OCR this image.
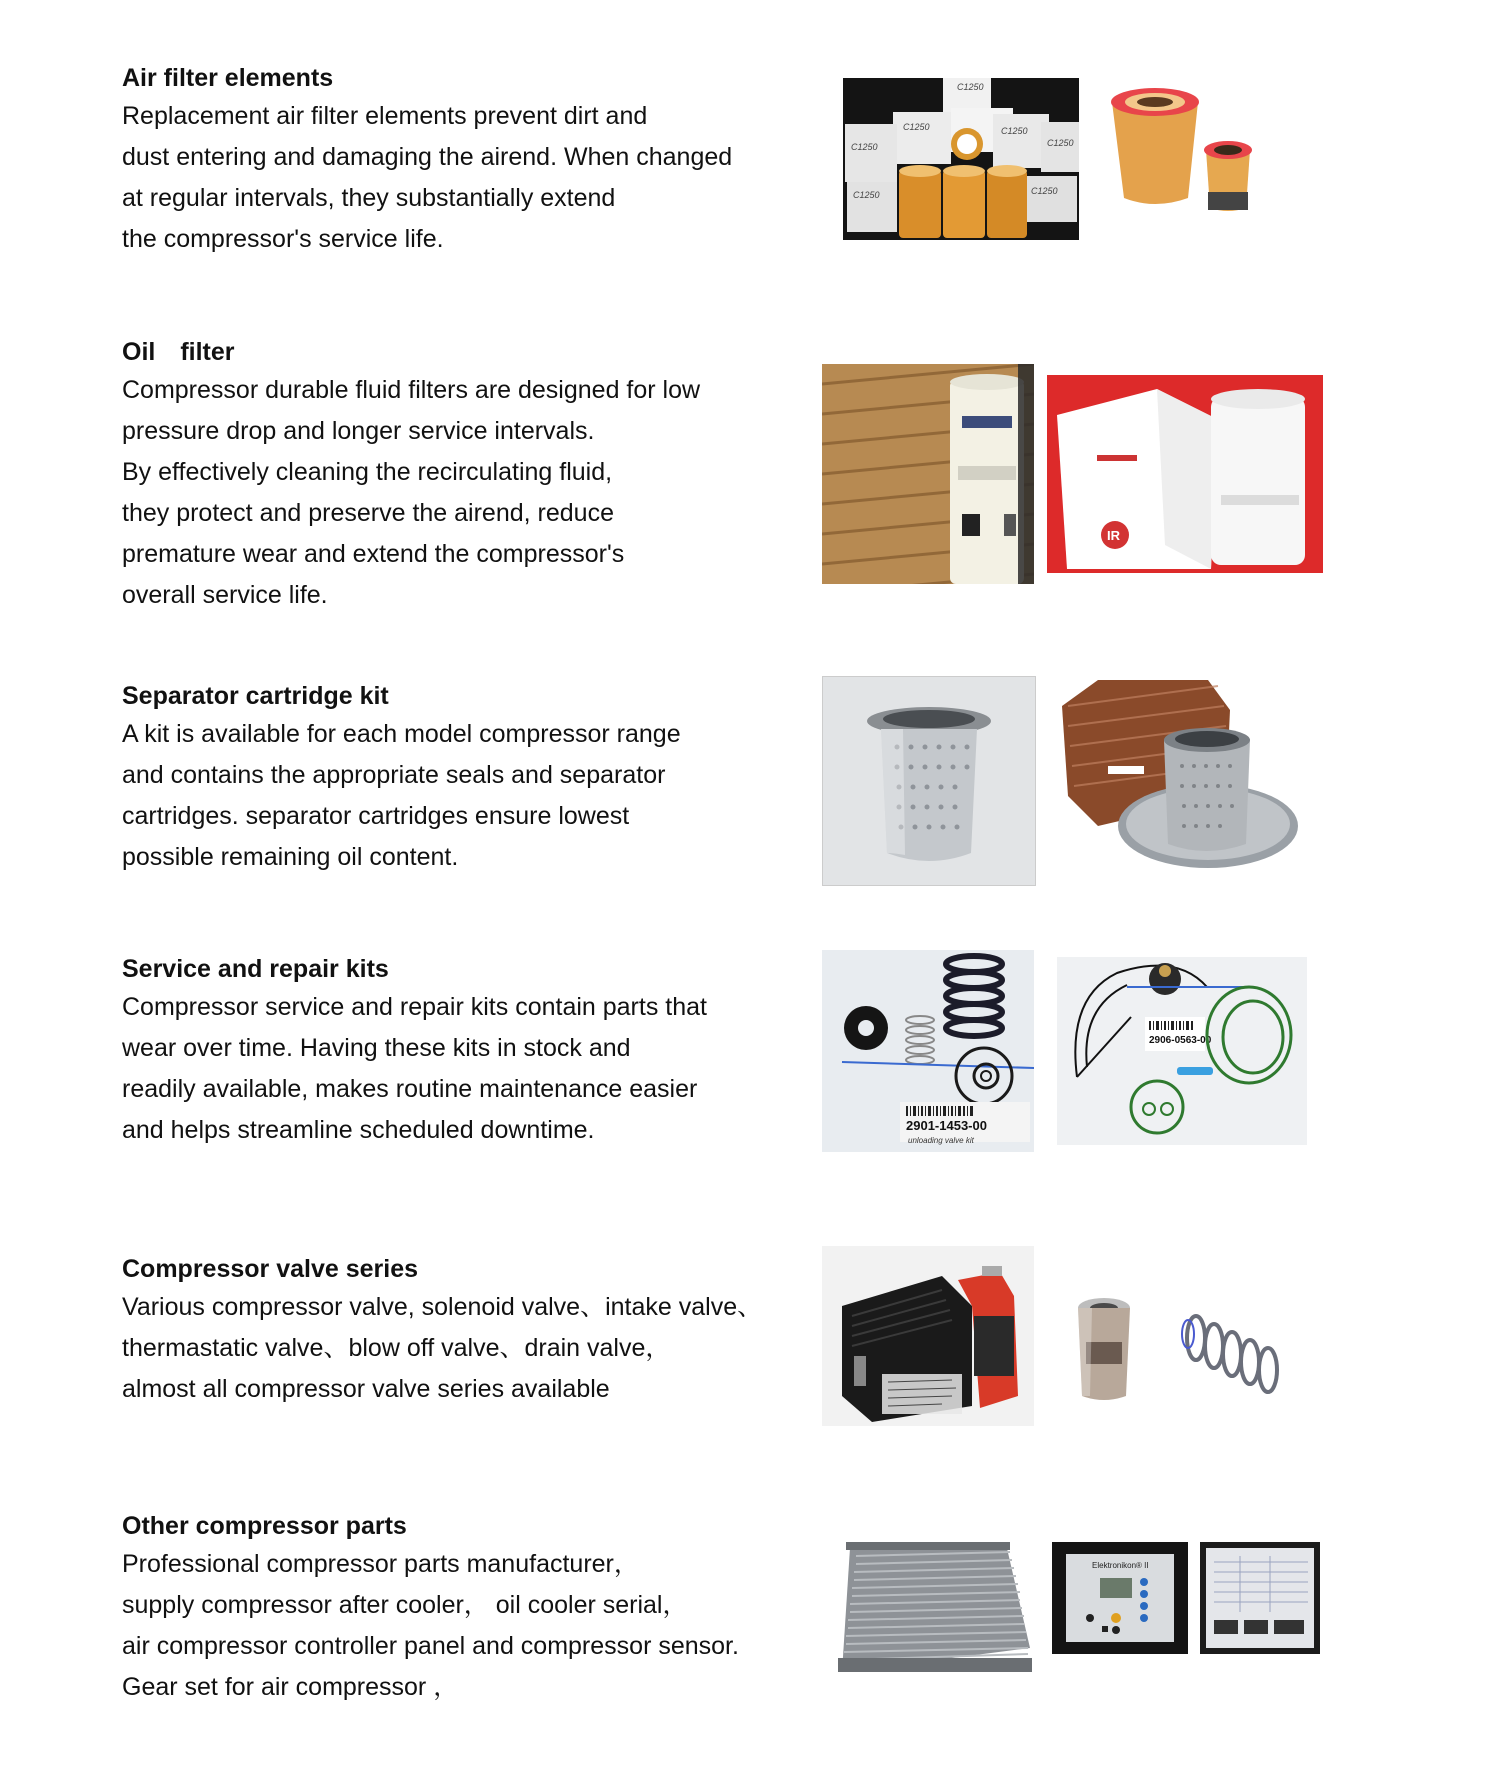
Air filter elements

Replacement air filter elements prevent dirt and

dust entering and damaging the airend. When changed

at regular intervals, they substantially extend

the compressor's service life.

C1250
C1250	C1250
C1250	C1250
C1250	C1250

Oil　filter

Compressor durable fluid filters are designed for low

pressure drop and longer service intervals.

By effectively cleaning the recirculating fluid,

they protect and preserve the airend, reduce

premature wear and extend the compressor's

overall service life.

IR

Separator cartridge kit

A kit is available for each model compressor range

and contains the appropriate seals and separator

cartridges. separator cartridges ensure lowest

possible remaining oil content.

Service and repair kits

Compressor service and repair kits contain parts that

wear over time. Having these kits in stock and

readily available, makes routine maintenance easier

and helps streamline scheduled downtime.	2901-1453-00
unloading valve kit
2906-0563-00

Compressor valve series

Various compressor valve, solenoid valve、intake valve、

thermastatic valve、blow off valve、drain valve，

almost all compressor valve series available

Other compressor parts

Professional compressor parts manufacturer，

supply compressor after cooler， oil cooler serial，

air compressor controller panel and compressor sensor.

Gear set for air compressor ，

Elektronikon® II
